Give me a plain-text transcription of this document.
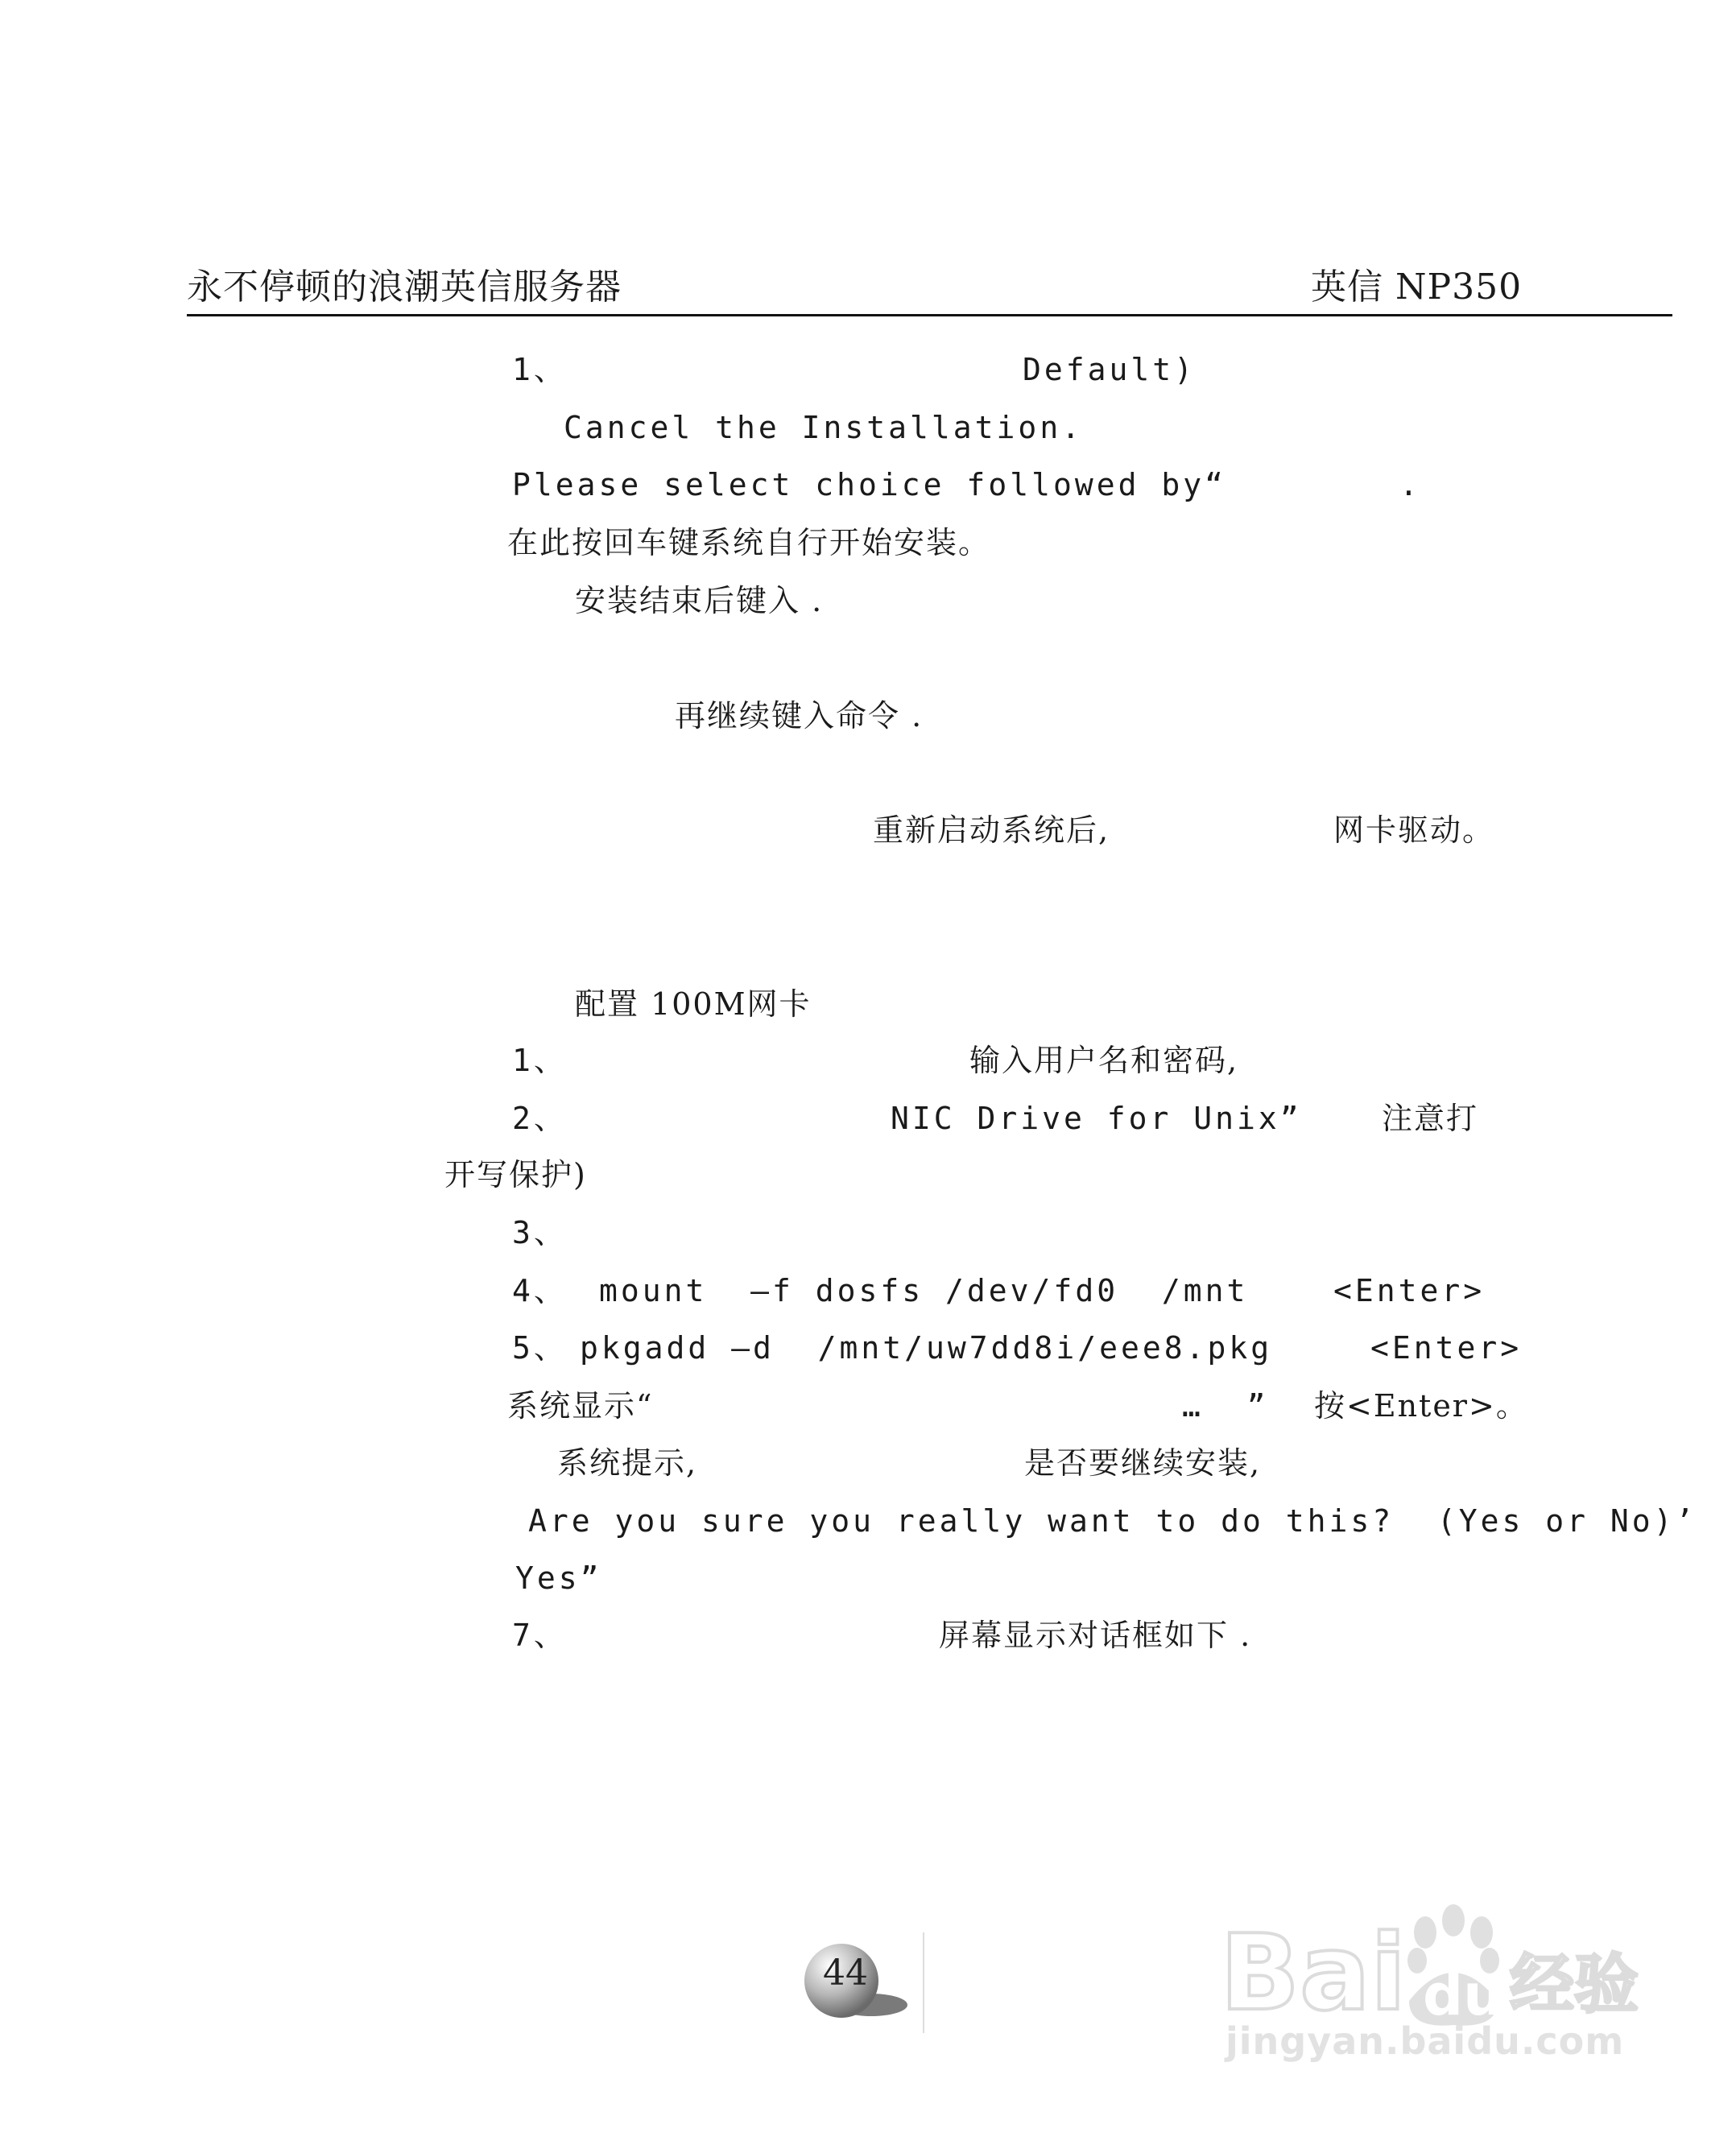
永不停顿的浪潮英信服务器	英信 NP350
1、	Default)
Cancel the Installation.
Please select choice followed by“        .
在此按回车键系统自行开始安装。
安装结束后键入 .
再继续键入命令 .
重新启动系统后,	网卡驱动。
配置 100M网卡
1、	输入用户名和密码,
2、	NIC Drive for Unix”	注意打
开写保护)
3、
4、 mount  —f dosfs /dev/fd0  /mnt	<Enter>
5、 pkgadd —d  /mnt/uw7dd8i/eee8.pkg	<Enter>
系统显示“	…  ” 按<Enter>。
系统提示,	是否要继续安装,
Are you sure you really want to do this?  (Yes or No)’
Yes”
7、	屏幕显示对话框如下 .
44	Bai du 经验
jingyan.baidu.com
